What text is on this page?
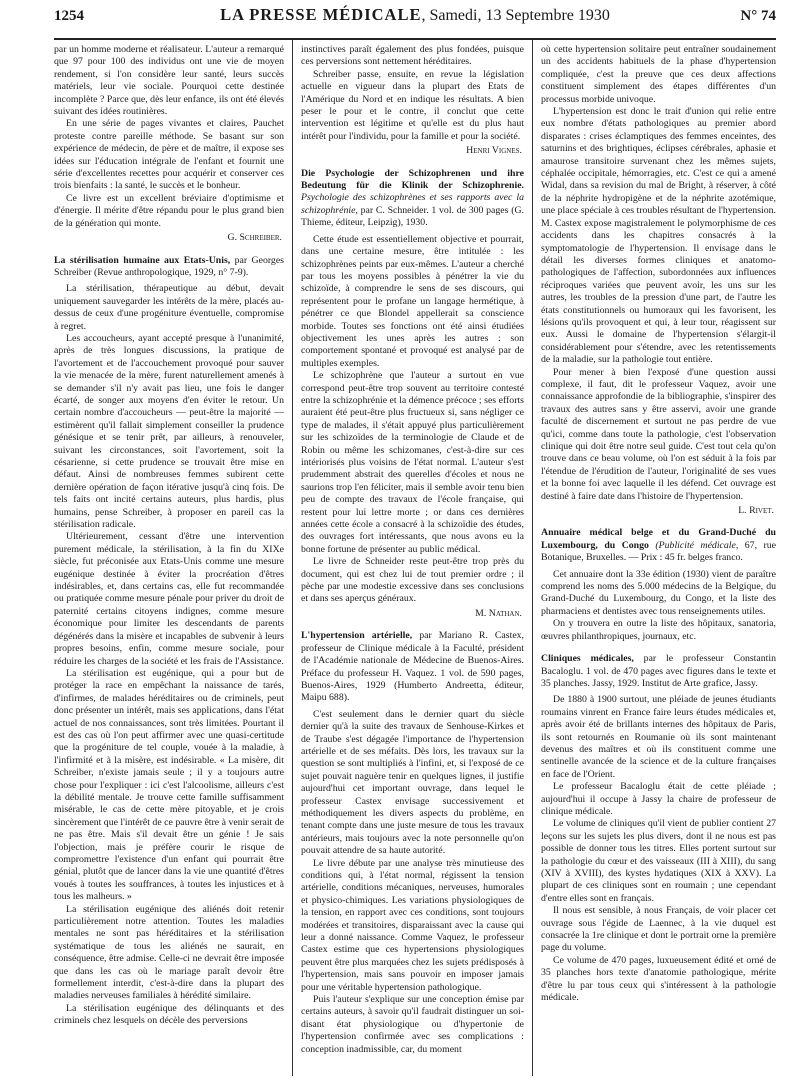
1254	LA PRESSE MÉDICALE, Samedi, 13 Septembre 1930	N° 74

par un homme moderne et réalisateur. L'auteur a remarqué que 97 pour 100 des individus ont une vie de moyen rendement, si l'on considère leur santé, leurs succès matériels, leur vie sociale. Pourquoi cette destinée incomplète ? Parce que, dès leur enfance, ils ont été élevés suivant des idées routinières.

En une série de pages vivantes et claires, Pauchet proteste contre pareille méthode. Se basant sur son expérience de médecin, de père et de maître, il expose ses idées sur l'éducation intégrale de l'enfant et fournit une série d'excellentes recettes pour acquérir et conserver ces trois bienfaits : la santé, le succès et le bonheur.

Ce livre est un excellent bréviaire d'optimisme et d'énergie. Il mérite d'être répandu pour le plus grand bien de la génération qui monte.

G. Schreiber.

La stérilisation humaine aux Etats-Unis, par Georges Schreiber (Revue anthropologique, 1929, n° 7-9).

La stérilisation, thérapeutique au début, devait uniquement sauvegarder les intérêts de la mère, placés au-dessus de ceux d'une progéniture éventuelle, compromise à regret.

Les accoucheurs, ayant accepté presque à l'unanimité, après de très longues discussions, la pratique de l'avortement et de l'accouchement provoqué pour sauver la vie menacée de la mère, furent naturellement amenés à se demander s'il n'y avait pas lieu, une fois le danger écarté, de songer aux moyens d'en éviter le retour. Un certain nombre d'accoucheurs — peut-être la majorité — estimèrent qu'il fallait simplement conseiller la prudence génésique et se tenir prêt, par ailleurs, à renouveler, suivant les circonstances, soit l'avortement, soit la césarienne, si cette prudence se trouvait être mise en défaut. Ainsi de nombreuses femmes subirent cette dernière opération de façon itérative jusqu'à cinq fois. De tels faits ont incité certains auteurs, plus hardis, plus humains, pense Schreiber, à proposer en pareil cas la stérilisation radicale.

Ultérieurement, cessant d'être une intervention purement médicale, la stérilisation, à la fin du XIXe siècle, fut préconisée aux Etats-Unis comme une mesure eugénique destinée à éviter la procréation d'êtres indésirables, et, dans certains cas, elle fut recommandée ou pratiquée comme mesure pénale pour priver du droit de paternité certains citoyens indignes, comme mesure économique pour limiter les descendants de parents dégénérés dans la misère et incapables de subvenir à leurs propres besoins, enfin, comme mesure sociale, pour réduire les charges de la société et les frais de l'Assistance.

La stérilisation est eugénique, qui a pour but de protéger la race en empêchant la naissance de tarés, d'infirmes, de malades héréditaires ou de criminels, peut donc présenter un intérêt, mais ses applications, dans l'état actuel de nos connaissances, sont très limitées. Pourtant il est des cas où l'on peut affirmer avec une quasi-certitude que la progéniture de tel couple, vouée à la maladie, à l'infirmité et à la misère, est indésirable. « La misère, dit Schreiber, n'existe jamais seule ; il y a toujours autre chose pour l'expliquer : ici c'est l'alcoolisme, ailleurs c'est la débilité mentale. Je trouve cette famille suffisamment misérable, le cas de cette mère pitoyable, et je crois sincèrement que l'intérêt de ce pauvre être à venir serait de ne pas être. Mais s'il devait être un génie ! Je sais l'objection, mais je préfère courir le risque de compromettre l'existence d'un enfant qui pourrait être génial, plutôt que de lancer dans la vie une quantité d'êtres voués à toutes les souffrances, à toutes les injustices et à tous les malheurs. »

La stérilisation eugénique des aliénés doit retenir particulièrement notre attention. Toutes les maladies mentales ne sont pas héréditaires et la stérilisation systématique de tous les aliénés ne saurait, en conséquence, être admise. Celle-ci ne devrait être imposée que dans les cas où le mariage paraît devoir être formellement interdit, c'est-à-dire dans la plupart des maladies nerveuses familiales à hérédité similaire.

La stérilisation eugénique des délinquants et des criminels chez lesquels on décèle des perversions

instinctives paraît également des plus fondées, puisque ces perversions sont nettement héréditaires.

Schreiber passe, ensuite, en revue la législation actuelle en vigueur dans la plupart des Etats de l'Amérique du Nord et en indique les résultats. A bien peser le pour et le contre, il conclut que cette intervention est légitime et qu'elle est du plus haut intérêt pour l'individu, pour la famille et pour la société.

Henri Vignes.

Die Psychologie der Schizophrenen und ihre Bedeutung für die Klinik der Schizophrenie. Psychologie des schizophrènes et ses rapports avec la schizophrénie, par C. Schneider. 1 vol. de 300 pages (G. Thieme, éditeur, Leipzig), 1930.

Cette étude est essentiellement objective et pourrait, dans une certaine mesure, être intitulée : les schizophrènes peints par eux-mêmes. L'auteur a cherché par tous les moyens possibles à pénétrer la vie du schizoïde, à comprendre le sens de ses discours, qui représentent pour le profane un langage hermétique, à pénétrer ce que Blondel appellerait sa conscience morbide. Toutes ses fonctions ont été ainsi étudiées objectivement les unes après les autres : son comportement spontané et provoqué est analysé par de multiples exemples.

Le schizophrène que l'auteur a surtout en vue correspond peut-être trop souvent au territoire contesté entre la schizophrénie et la démence précoce ; ses efforts auraient été peut-être plus fructueux si, sans négliger ce type de malades, il s'était appuyé plus particulièrement sur les schizoïdes de la terminologie de Claude et de Robin ou même les schizomanes, c'est-à-dire sur ces intériorisés plus voisins de l'état normal. L'auteur s'est prudemment abstrait des querelles d'écoles et nous ne saurions trop l'en féliciter, mais il semble avoir tenu bien peu de compte des travaux de l'école française, qui restent pour lui lettre morte ; or dans ces dernières années cette école a consacré à la schizoïdie des études, des ouvrages fort intéressants, que nous avons eu la bonne fortune de présenter au public médical.

Le livre de Schneider reste peut-être trop près du document, qui est chez lui de tout premier ordre ; il pèche par une modestie excessive dans ses conclusions et dans ses aperçus généraux.

M. Nathan.

L'hypertension artérielle, par Mariano R. Castex, professeur de Clinique médicale à la Faculté, président de l'Académie nationale de Médecine de Buenos-Aires. Préface du professeur H. Vaquez. 1 vol. de 590 pages, Buenos-Aires, 1929 (Humberto Andreetta, éditeur, Maipu 688).

C'est seulement dans le dernier quart du siècle dernier qu'à la suite des travaux de Senhouse-Kirkes et de Traube s'est dégagée l'importance de l'hypertension artérielle et de ses méfaits. Dès lors, les travaux sur la question se sont multipliés à l'infini, et, si l'exposé de ce sujet pouvait naguère tenir en quelques lignes, il justifie aujourd'hui cet important ouvrage, dans lequel le professeur Castex envisage successivement et méthodiquement les divers aspects du problème, en tenant compte dans une juste mesure de tous les travaux antérieurs, mais toujours avec la note personnelle qu'on pouvait attendre de sa haute autorité.

Le livre débute par une analyse très minutieuse des conditions qui, à l'état normal, régissent la tension artérielle, conditions mécaniques, nerveuses, humorales et physico-chimiques. Les variations physiologiques de la tension, en rapport avec ces conditions, sont toujours modérées et transitoires, disparaissant avec la cause qui leur a donné naissance. Comme Vaquez, le professeur Castex estime que ces hypertensions physiologiques peuvent être plus marquées chez les sujets prédisposés à l'hypertension, mais sans pouvoir en imposer jamais pour une véritable hypertension pathologique.

Puis l'auteur s'explique sur une conception émise par certains auteurs, à savoir qu'il faudrait distinguer un soi-disant état physiologique ou d'hypertonie de l'hypertension confirmée avec ses complications : conception inadmissible, car, du moment

où cette hypertension solitaire peut entraîner soudainement un des accidents habituels de la phase d'hypertension compliquée, c'est la preuve que ces deux affections constituent simplement des étapes différentes d'un processus morbide univoque.

L'hypertension est donc le trait d'union qui relie entre eux nombre d'états pathologiques au premier abord disparates : crises éclamptiques des femmes enceintes, des saturnins et des brightiques, éclipses cérébrales, aphasie et amaurose transitoire survenant chez les mêmes sujets, céphalée occipitale, hémorragies, etc. C'est ce qui a amené Widal, dans sa revision du mal de Bright, à réserver, à côté de la néphrite hydropigène et de la néphrite azotémique, une place spéciale à ces troubles résultant de l'hypertension. M. Castex expose magistralement le polymorphisme de ces accidents dans les chapitres consacrés à la symptomatologie de l'hypertension. Il envisage dans le détail les diverses formes cliniques et anatomo-pathologiques de l'affection, subordonnées aux influences réciproques variées que peuvent avoir, les uns sur les autres, les troubles de la pression d'une part, de l'autre les états constitutionnels ou humoraux qui les favorisent, les lésions qu'ils provoquent et qui, à leur tour, réagissent sur eux. Aussi le domaine de l'hypertension s'élargit-il considérablement pour s'étendre, avec les retentissements de la maladie, sur la pathologie tout entière.

Pour mener à bien l'exposé d'une question aussi complexe, il faut, dit le professeur Vaquez, avoir une connaissance approfondie de la bibliographie, s'inspirer des travaux des autres sans y être asservi, avoir une grande faculté de discernement et surtout ne pas perdre de vue qu'ici, comme dans toute la pathologie, c'est l'observation clinique qui doit être notre seul guide. C'est tout cela qu'on trouve dans ce beau volume, où l'on est séduit à la fois par l'étendue de l'érudition de l'auteur, l'originalité de ses vues et la bonne foi avec laquelle il les défend. Cet ouvrage est destiné à faire date dans l'histoire de l'hypertension.

L. Rivet.

Annuaire médical belge et du Grand-Duché du Luxembourg, du Congo (Publicité médicale, 67, rue Botanique, Bruxelles. — Prix : 45 fr. belges franco.

Cet annuaire dont la 33e édition (1930) vient de paraître comprend les noms des 5.000 médecins de la Belgique, du Grand-Duché du Luxembourg, du Congo, et la liste des pharmaciens et dentistes avec tous renseignements utiles.

On y trouvera en outre la liste des hôpitaux, sanatoria, œuvres philanthropiques, journaux, etc.

Cliniques médicales, par le professeur Constantin Bacaloglu. 1 vol. de 470 pages avec figures dans le texte et 35 planches. Jassy, 1929. Institut de Arte grafice, Jassy.

De 1880 à 1900 surtout, une pléiade de jeunes étudiants roumains vinrent en France faire leurs études médicales et, après avoir été de brillants internes des hôpitaux de Paris, ils sont retournés en Roumanie où ils sont maintenant devenus des maîtres et où ils constituent comme une sentinelle avancée de la science et de la culture françaises en face de l'Orient.

Le professeur Bacaloglu était de cette pléiade ; aujourd'hui il occupe à Jassy la chaire de professeur de clinique médicale.

Le volume de cliniques qu'il vient de publier contient 27 leçons sur les sujets les plus divers, dont il ne nous est pas possible de donner tous les titres. Elles portent surtout sur la pathologie du cœur et des vaisseaux (III à XIII), du sang (XIV à XVIII), des kystes hydatiques (XIX à XXV). La plupart de ces cliniques sont en roumain ; une cependant d'entre elles sont en français.

Il nous est sensible, à nous Français, de voir placer cet ouvrage sous l'égide de Laennec, à la vie duquel est consacrée la 1re clinique et dont le portrait orne la première page du volume.

Ce volume de 470 pages, luxueusement édité et orné de 35 planches hors texte d'anatomie pathologique, mérite d'être lu par tous ceux qui s'intéressent à la pathologie médicale.
